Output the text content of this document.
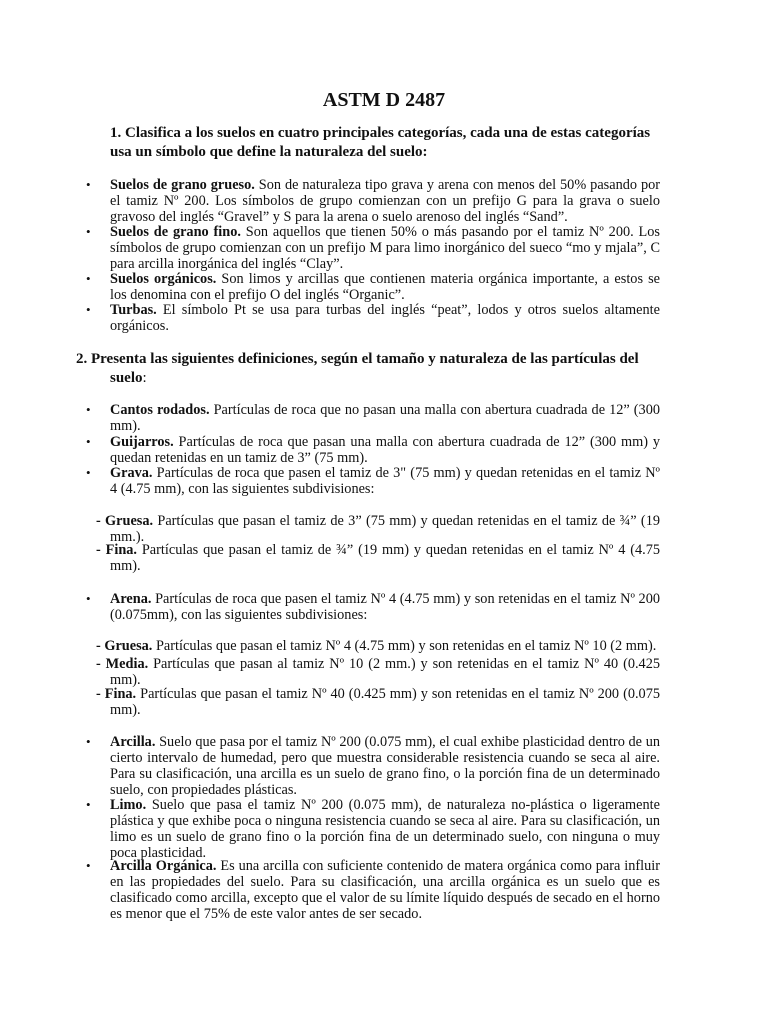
ASTM D 2487
1. Clasifica a los suelos en cuatro principales categorías, cada una de estas categorías usa un símbolo que define la naturaleza del suelo:
• Suelos de grano grueso. Son de naturaleza tipo grava y arena con menos del 50% pasando por el tamiz Nº 200. Los símbolos de grupo comienzan con un prefijo G para la grava o suelo gravoso del inglés “Gravel” y S para la arena o suelo arenoso del inglés “Sand”.
• Suelos de grano fino. Son aquellos que tienen 50% o más pasando por el tamiz Nº 200. Los símbolos de grupo comienzan con un prefijo M para limo inorgánico del sueco “mo y mjala”, C para arcilla inorgánica del inglés “Clay”.
• Suelos orgánicos. Son limos y arcillas que contienen materia orgánica importante, a estos se los denomina con el prefijo O del inglés “Organic”.
• Turbas. El símbolo Pt se usa para turbas del inglés “peat”, lodos y otros suelos altamente orgánicos.
2. Presenta las siguientes definiciones, según el tamaño y naturaleza de las partículas del suelo:
• Cantos rodados. Partículas de roca que no pasan una malla con abertura cuadrada de 12” (300 mm).
• Guijarros. Partículas de roca que pasan una malla con abertura cuadrada de 12” (300 mm) y quedan retenidas en un tamiz de 3” (75 mm).
• Grava. Partículas de roca que pasen el tamiz de 3" (75 mm) y quedan retenidas en el tamiz Nº 4 (4.75 mm), con las siguientes subdivisiones:
- Gruesa. Partículas que pasan el tamiz de 3” (75 mm) y quedan retenidas en el tamiz de ¾” (19 mm.).
- Fina. Partículas que pasan el tamiz de ¾” (19 mm) y quedan retenidas en el tamiz Nº 4 (4.75 mm).
• Arena. Partículas de roca que pasen el tamiz Nº 4 (4.75 mm) y son retenidas en el tamiz Nº 200 (0.075mm), con las siguientes subdivisiones:
- Gruesa. Partículas que pasan el tamiz Nº 4 (4.75 mm) y son retenidas en el tamiz Nº 10 (2 mm).
- Media. Partículas que pasan al tamiz Nº 10 (2 mm.) y son retenidas en el tamiz Nº 40 (0.425 mm).
- Fina. Partículas que pasan el tamiz Nº 40 (0.425 mm) y son retenidas en el tamiz Nº 200 (0.075 mm).
• Arcilla. Suelo que pasa por el tamiz Nº 200 (0.075 mm), el cual exhibe plasticidad dentro de un cierto intervalo de humedad, pero que muestra considerable resistencia cuando se seca al aire. Para su clasificación, una arcilla es un suelo de grano fino, o la porción fina de un determinado suelo, con propiedades plásticas.
• Limo. Suelo que pasa el tamiz Nº 200 (0.075 mm), de naturaleza no-plástica o ligeramente plástica y que exhibe poca o ninguna resistencia cuando se seca al aire. Para su clasificación, un limo es un suelo de grano fino o la porción fina de un determinado suelo, con ninguna o muy poca plasticidad.
• Arcilla Orgánica. Es una arcilla con suficiente contenido de matera orgánica como para influir en las propiedades del suelo. Para su clasificación, una arcilla orgánica es un suelo que es clasificado como arcilla, excepto que el valor de su límite líquido después de secado en el horno es menor que el 75% de este valor antes de ser secado.
